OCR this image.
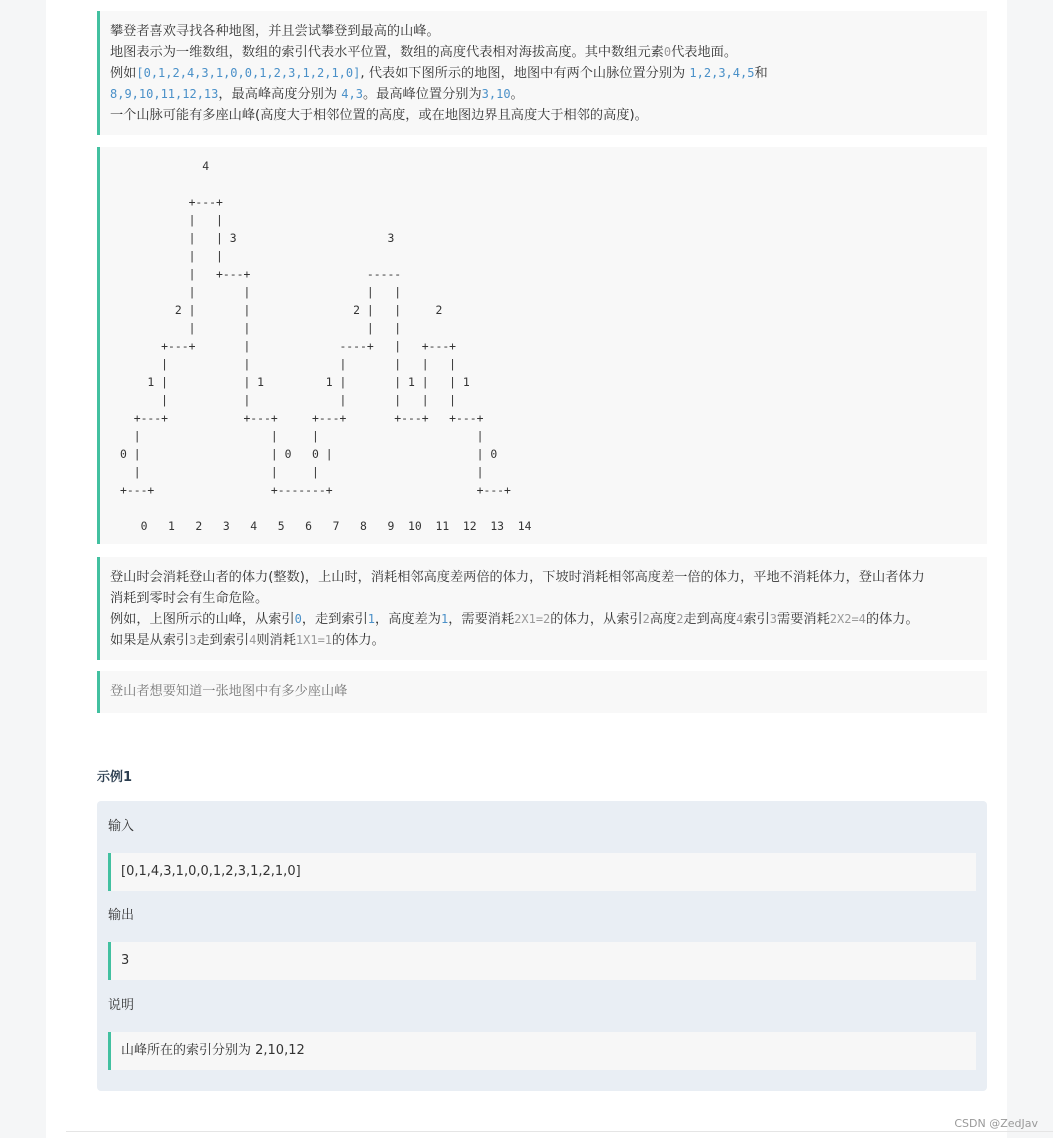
攀登者喜欢寻找各种地图，并且尝试攀登到最高的山峰。

地图表示为一维数组，数组的索引代表水平位置，数组的高度代表相对海拔高度。其中数组元素0代表地面。

例如[0,1,2,4,3,1,0,0,1,2,3,1,2,1,0], 代表如下图所示的地图，地图中有两个山脉位置分别为 1,2,3,4,5和

8,9,10,11,12,13，最高峰高度分别为 4,3。最高峰位置分别为3,10。

一个山脉可能有多座山峰(高度大于相邻位置的高度，或在地图边界且高度大于相邻的高度)。

4

+---+
|   |
|   | 3                      3
|   |
|   +---+                 -----
|       |                 |   |
2 |       |               2 |   |     2
|       |                 |   |
+---+       |             ----+   |   +---+
|           |             |       |   |   |
1 |           | 1         1 |       | 1 |   | 1
|           |             |       |   |   |
+---+           +---+     +---+       +---+   +---+
|                   |     |                       |
0 |                   | 0   0 |                     | 0
|                   |     |                       |
+---+                 +-------+                     +---+

0   1   2   3   4   5   6   7   8   9  10  11  12  13  14

登山时会消耗登山者的体力(整数)，上山时，消耗相邻高度差两倍的体力，下坡时消耗相邻高度差一倍的体力，平地不消耗体力，登山者体力

消耗到零时会有生命危险。

例如，上图所示的山峰，从索引0，走到索引1，高度差为1，需要消耗2X1=2的体力，从索引2高度2走到高度4索引3需要消耗2X2=4的体力。

如果是从索引3走到索引4则消耗1X1=1的体力。

登山者想要知道一张地图中有多少座山峰

示例1
输入
[0,1,4,3,1,0,0,1,2,3,1,2,1,0]
输出
3
说明
山峰所在的索引分别为 2,10,12
CSDN @ZedJav
